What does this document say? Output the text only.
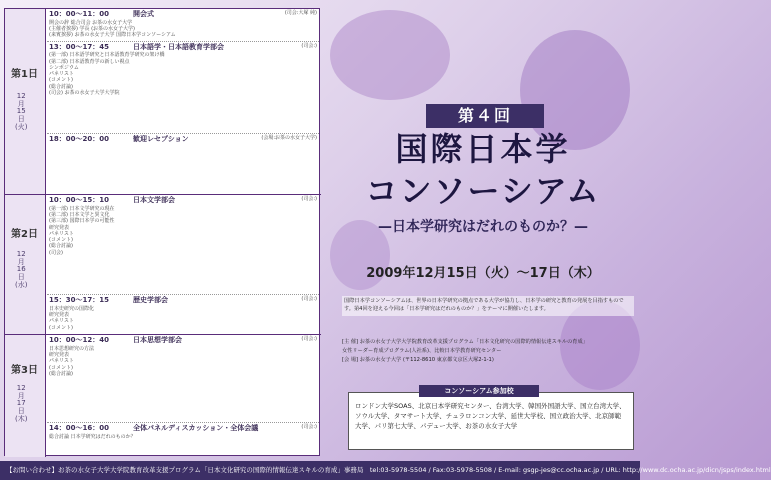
第1日
12
月
15
日
(火)
10：00～11：00	開会式	(司会:大塚 純)
開会の辞 総合司会 お茶の水女子大学
(主催者挨拶) 学長 (お茶の水女子大学)
(来賓挨拶) お茶の水女子大学 国際日本学コンソーシアム
13：00～17：45	日本語学・日本語教育学部会	(司会:)
(第一部) 日本語学研究と日本語教育学研究の架け橋
(第二部) 日本語教育学の新しい視点
シンポジウム
パネリスト
(コメント)
(総合討論)
(司会) お茶の水女子大学大学院
18：00～20：00	歓迎レセプション	(会場:お茶の水女子大学)
第2日
12
月
16
日
(水)
10：00～15：10	日本文学部会	(司会:)
(第一部) 日本文学研究の現在
(第二部) 日本文学と異文化
(第三部) 国際日本学の可能性
研究発表
パネリスト
(コメント)
(総合討論)
(司会)
15：30～17：15	歴史学部会	(司会:)
日本史研究の国際化
研究発表
パネリスト
(コメント)
第3日
12
月
17
日
(木)
10：00～12：40	日本思想学部会	(司会:)
日本思想研究の方法
研究発表
パネリスト
(コメント)
(総合討論)
14：00～16：00	全体パネルディスカッション・全体会議	(司会:)
総合討論 日本学研究はだれのものか？
第４回
国際日本学
コンソーシアム
—日本学研究はだれのものか？—
2009年12月15日（火）～17日（木）
国際日本学コンソーシアムは、世界の日本学研究の拠点である大学が協力し、日本学の研究と教育の発展を目指すものです。第4回を迎える今回は「日本学研究はだれのものか？」をテーマに開催いたします。
[主 催] お茶の水女子大学大学院教育改革支援プログラム「日本文化研究の国際的情報伝達スキルの育成」
女性リーダー育成プログラム(人社系)、比較日本学教育研究センター
[会 場] お茶の水女子大学 (〒112-8610 東京都文京区大塚2-1-1)
コンソーシアム参加校
ロンドン大学SOAS、北京日本学研究センター、台湾大学、韓国外国語大学、国立台湾大学、ソウル大学、タマサート大学、チュラロンコン大学、延世大学校、国立政治大学、北京師範大学、パリ第七大学、パデュー大学、お茶の水女子大学
【お問い合わせ】お茶の水女子大学大学院教育改革支援プログラム「日本文化研究の国際的情報伝達スキルの育成」事務局　tel:03-5978-5504 / Fax:03-5978-5508 / E-mail: gsgp-jes@cc.ocha.ac.jp / URL: http://www.dc.ocha.ac.jp/dicn/jsps/index.html
